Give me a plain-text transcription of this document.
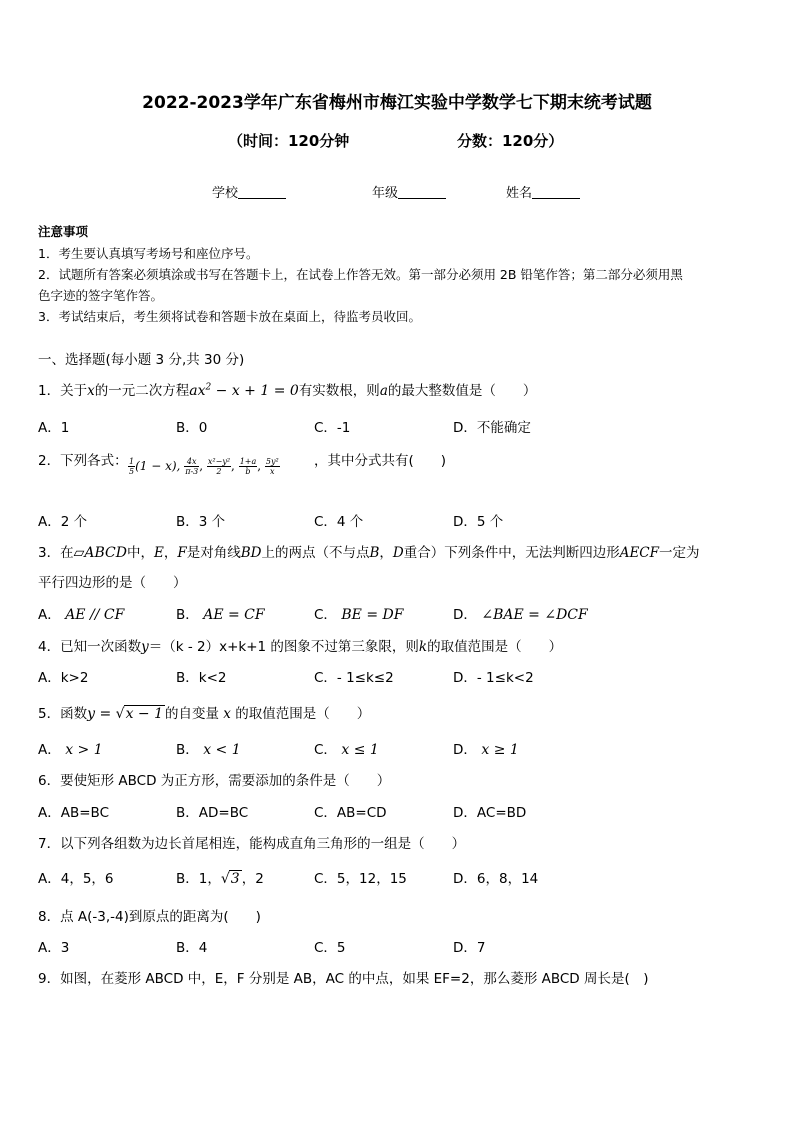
2022-2023学年广东省梅州市梅江实验中学数学七下期末统考试题
（时间：120分钟	分数：120分）
学校	年级	姓名
注意事项
1．考生要认真填写考场号和座位序号。
2．试题所有答案必须填涂或书写在答题卡上，在试卷上作答无效。第一部分必须用 2B 铅笔作答；第二部分必须用黑
色字迹的签字笔作答。
3．考试结束后，考生须将试卷和答题卡放在桌面上，待监考员收回。
一、选择题(每小题 3 分,共 30 分)
1．关于x的一元二次方程$ax^2 - x + 1 = 0$有实数根，则a的最大整数值是（　　）
A．1	B．0	C．-1	D．不能确定
2．下列各式： $\frac{1}{5} (1 - x)$, $\frac{4x}{\pi-3}$ , $\frac{\text{x²−y²}}{2}$ , $\frac{1+a}{b}$ , $\frac{\text{5y²}}{x}$	，其中分式共有(　　)
A．2 个	B．3 个	C．4 个	D．5 个
3．在▱ABCD中，E，F是对角线BD上的两点（不与点B，D重合）下列条件中，无法判断四边形AECF一定为
平行四边形的是（　　）
A． AE // CF	B． AE = CF	C． BE = DF	D． ∠BAE = ∠DCF
4．已知一次函数y＝（k - 2）x+k+1 的图象不过第三象限，则k的取值范围是（　　）
A．k>2	B．k<2	C．- 1≤k≤2	D．- 1≤k<2
5．函数y = √x − 1 的自变量 x 的取值范围是（　　）
A． x > 1	B． x < 1	C． x ≤ 1	D． x ≥ 1
6．要使矩形 ABCD 为正方形，需要添加的条件是（　　）
A．AB=BC	B．AD=BC	C．AB=CD	D．AC=BD
7．以下列各组数为边长首尾相连，能构成直角三角形的一组是（　　）
A．4，5，6	B．1，√3 ，2	C．5，12，15	D．6，8，14
8．点 A(-3,-4)到原点的距离为(　　)
A．3	B．4	C．5	D．7
9．如图，在菱形 ABCD 中，E，F 分别是 AB，AC 的中点，如果 EF=2，那么菱形 ABCD 周长是(　)
